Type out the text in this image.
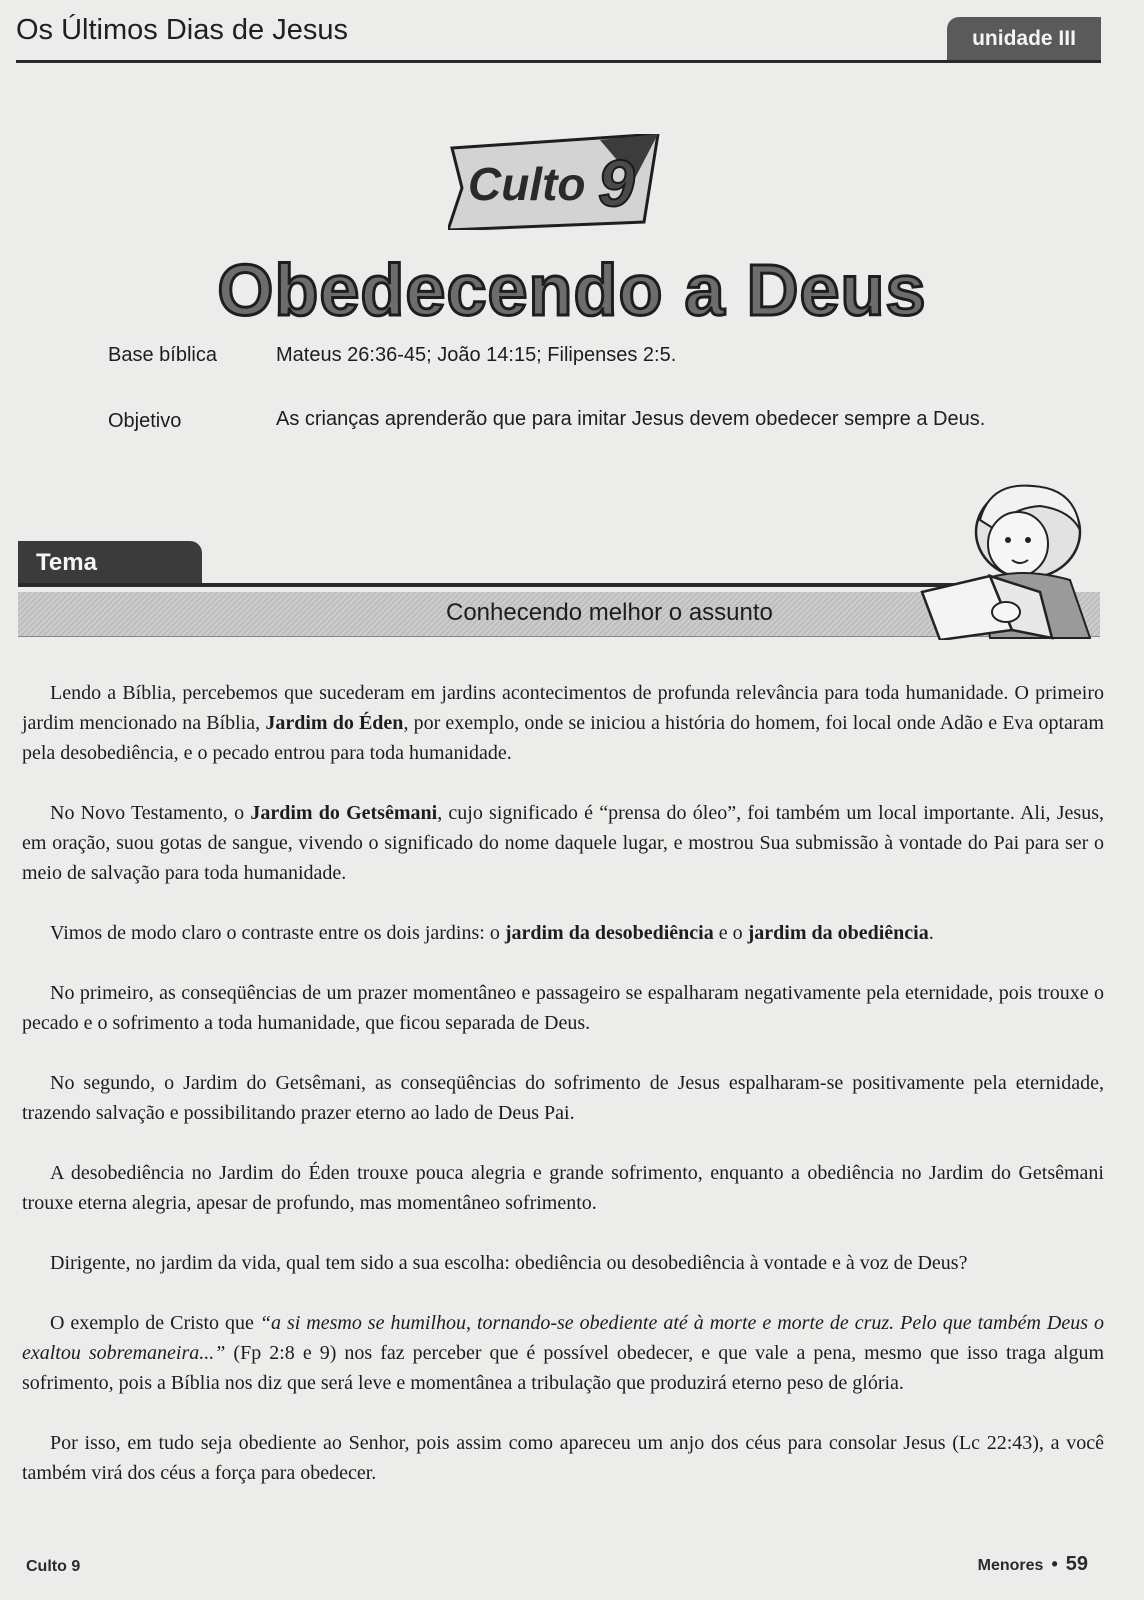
Os Últimos Dias de Jesus	unidade III
Culto 9
Obedecendo a Deus
Base bíblica	Mateus 26:36-45; João 14:15; Filipenses 2:5.
Objetivo	As crianças aprenderão que para imitar Jesus devem obedecer sempre a Deus.
Tema
Conhecendo melhor o assunto

Lendo a Bíblia, percebemos que sucederam em jardins acontecimentos de profunda relevância para toda humanidade. O primeiro jardim mencionado na Bíblia, Jardim do Éden, por exemplo, onde se iniciou a história do homem, foi local onde Adão e Eva optaram pela desobediência, e o pecado entrou para toda humanidade.

No Novo Testamento, o Jardim do Getsêmani, cujo significado é “prensa do óleo”, foi também um local importante. Ali, Jesus, em oração, suou gotas de sangue, vivendo o significado do nome daquele lugar, e mostrou Sua submissão à vontade do Pai para ser o meio de salvação para toda humanidade.

Vimos de modo claro o contraste entre os dois jardins: o jardim da desobediência e o jardim da obediência.

No primeiro, as conseqüências de um prazer momentâneo e passageiro se espalharam negativamente pela eternidade, pois trouxe o pecado e o sofrimento a toda humanidade, que ficou separada de Deus.

No segundo, o Jardim do Getsêmani, as conseqüências do sofrimento de Jesus espalharam-se positivamente pela eternidade, trazendo salvação e possibilitando prazer eterno ao lado de Deus Pai.

A desobediência no Jardim do Éden trouxe pouca alegria e grande sofrimento, enquanto a obediência no Jardim do Getsêmani trouxe eterna alegria, apesar de profundo, mas momentâneo sofrimento.

Dirigente, no jardim da vida, qual tem sido a sua escolha: obediência ou desobediência à vontade e à voz de Deus?

O exemplo de Cristo que “a si mesmo se humilhou, tornando-se obediente até à morte e morte de cruz. Pelo que também Deus o exaltou sobremaneira...” (Fp 2:8 e 9) nos faz perceber que é possível obedecer, e que vale a pena, mesmo que isso traga algum sofrimento, pois a Bíblia nos diz que será leve e momentânea a tribulação que produzirá eterno peso de glória.

Por isso, em tudo seja obediente ao Senhor, pois assim como apareceu um anjo dos céus para consolar Jesus (Lc 22:43), a você também virá dos céus a força para obedecer.

Culto 9	Menores • 59
